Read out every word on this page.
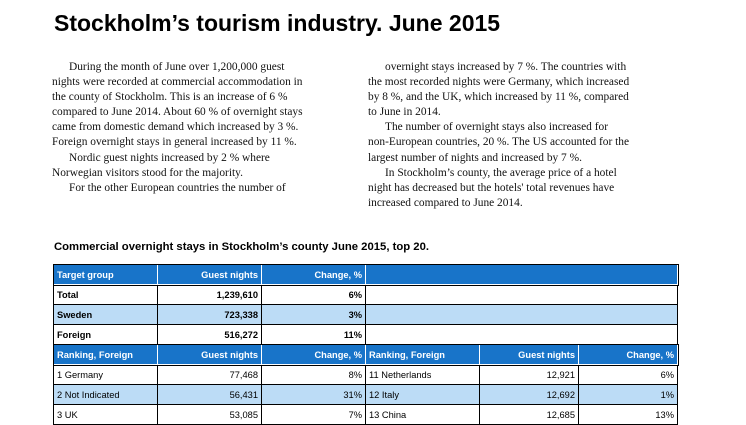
Stockholm’s tourism industry. June 2015

During the month of June over 1,200,000 guest nights were recorded at commercial accommodation in the county of Stockholm. This is an increase of 6 % compared to June 2014. About 60 % of overnight stays came from domestic demand which increased by 3 %. Foreign overnight stays in general increased by 11 %.

Nordic guest nights increased by 2 % where Norwegian visitors stood for the majority.

For the other European countries the number of

overnight stays increased by 7 %. The countries with the most recorded nights were Germany, which increased by 8 %, and the UK, which increased by 11 %, compared to June in 2014.

The number of overnight stays also increased for non-European countries, 20 %. The US accounted for the largest number of nights and increased by 7 %.

In Stockholm’s county, the average price of a hotel night has decreased but the hotels' total revenues have increased compared to June 2014.

Commercial overnight stays in Stockholm’s county June 2015, top 20.
Target group	Guest nights	Change, %			
Total	1,239,610	6%			
Sweden	723,338	3%			
Foreign	516,272	11%			
Ranking, Foreign	Guest nights	Change, %	Ranking, Foreign	Guest nights	Change, %
1 Germany	77,468	8%	11 Netherlands	12,921	6%
2 Not Indicated	56,431	31%	12 Italy	12,692	1%
3 UK	53,085	7%	13 China	12,685	13%
